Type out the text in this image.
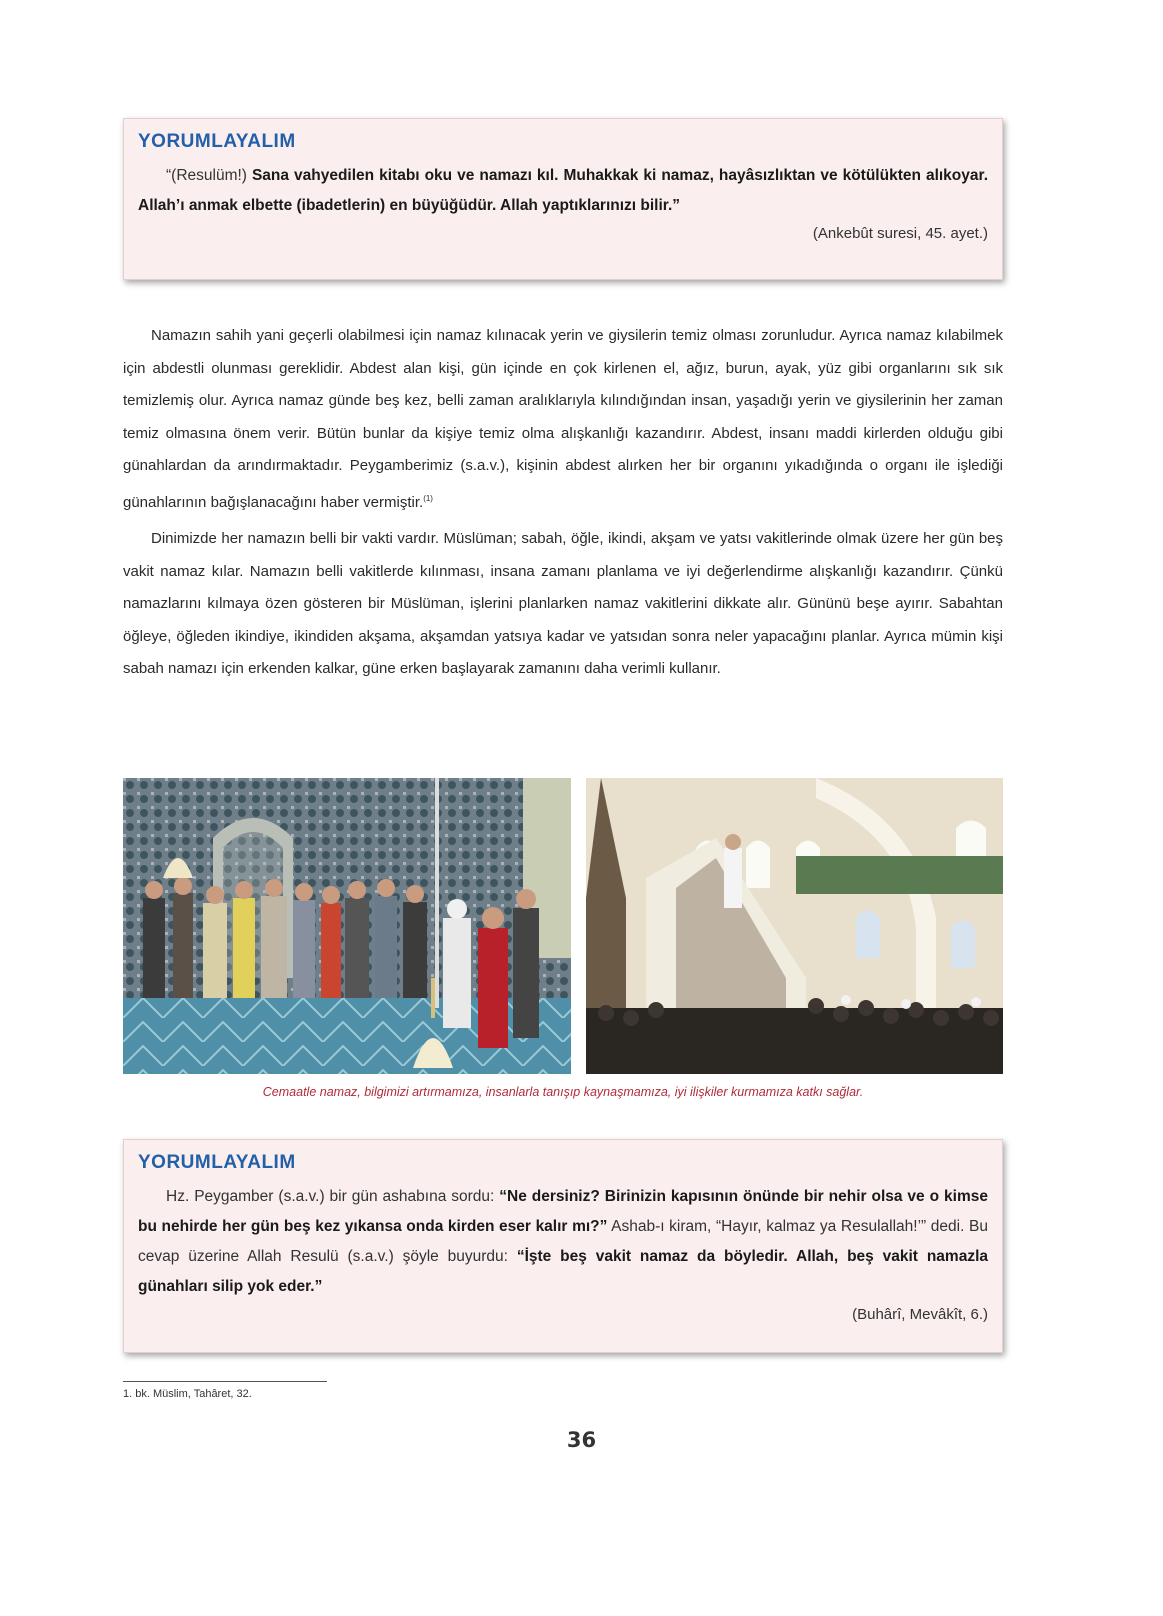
YORUMLAYALIM

“(Resulüm!) Sana vahyedilen kitabı oku ve namazı kıl. Muhakkak ki namaz, hayâsızlıktan ve kötülükten alıkoyar. Allah’ı anmak elbette (ibadetlerin) en büyüğüdür. Allah yaptıklarınızı bilir.”

(Ankebût suresi, 45. ayet.)

Namazın sahih yani geçerli olabilmesi için namaz kılınacak yerin ve giysilerin temiz olması zorunludur. Ayrıca namaz kılabilmek için abdestli olunması gereklidir. Abdest alan kişi, gün içinde en çok kirlenen el, ağız, burun, ayak, yüz gibi organlarını sık sık temizlemiş olur. Ayrıca namaz günde beş kez, belli zaman aralıklarıyla kılındığından insan, yaşadığı yerin ve giysilerinin her zaman temiz olmasına önem verir. Bütün bunlar da kişiye temiz olma alışkanlığı kazandırır. Abdest, insanı maddi kirlerden olduğu gibi günahlardan da arındırmaktadır. Peygamberimiz (s.a.v.), kişinin abdest alırken her bir organını yıkadığında o organı ile işlediği günahlarının bağışlanacağını haber vermiştir.$^{(1)}$

Dinimizde her namazın belli bir vakti vardır. Müslüman; sabah, öğle, ikindi, akşam ve yatsı vakitlerinde olmak üzere her gün beş vakit namaz kılar. Namazın belli vakitlerde kılınması, insana zamanı planlama ve iyi değerlendirme alışkanlığı kazandırır. Çünkü namazlarını kılmaya özen gösteren bir Müslüman, işlerini planlarken namaz vakitlerini dikkate alır. Gününü beşe ayırır. Sabahtan öğleye, öğleden ikindiye, ikindiden akşama, akşamdan yatsıya kadar ve yatsıdan sonra neler yapacağını planlar. Ayrıca mümin kişi sabah namazı için erkenden kalkar, güne erken başlayarak zamanını daha verimli kullanır.

Cemaatle namaz, bilgimizi artırmamıza, insanlarla tanışıp kaynaşmamıza, iyi ilişkiler kurmamıza katkı sağlar.
YORUMLAYALIM

Hz. Peygamber (s.a.v.) bir gün ashabına sordu: “Ne dersiniz? Birinizin kapısının önünde bir nehir olsa ve o kimse bu nehirde her gün beş kez yıkansa onda kirden eser kalır mı?” Ashab-ı kiram, “Hayır, kalmaz ya Resulallah!’” dedi. Bu cevap üzerine Allah Resulü (s.a.v.) şöyle buyurdu: “İşte beş vakit namaz da böyledir. Allah, beş vakit namazla günahları silip yok eder.”

(Buhârî, Mevâkît, 6.)
1. bk. Müslim, Tahâret, 32.
36
